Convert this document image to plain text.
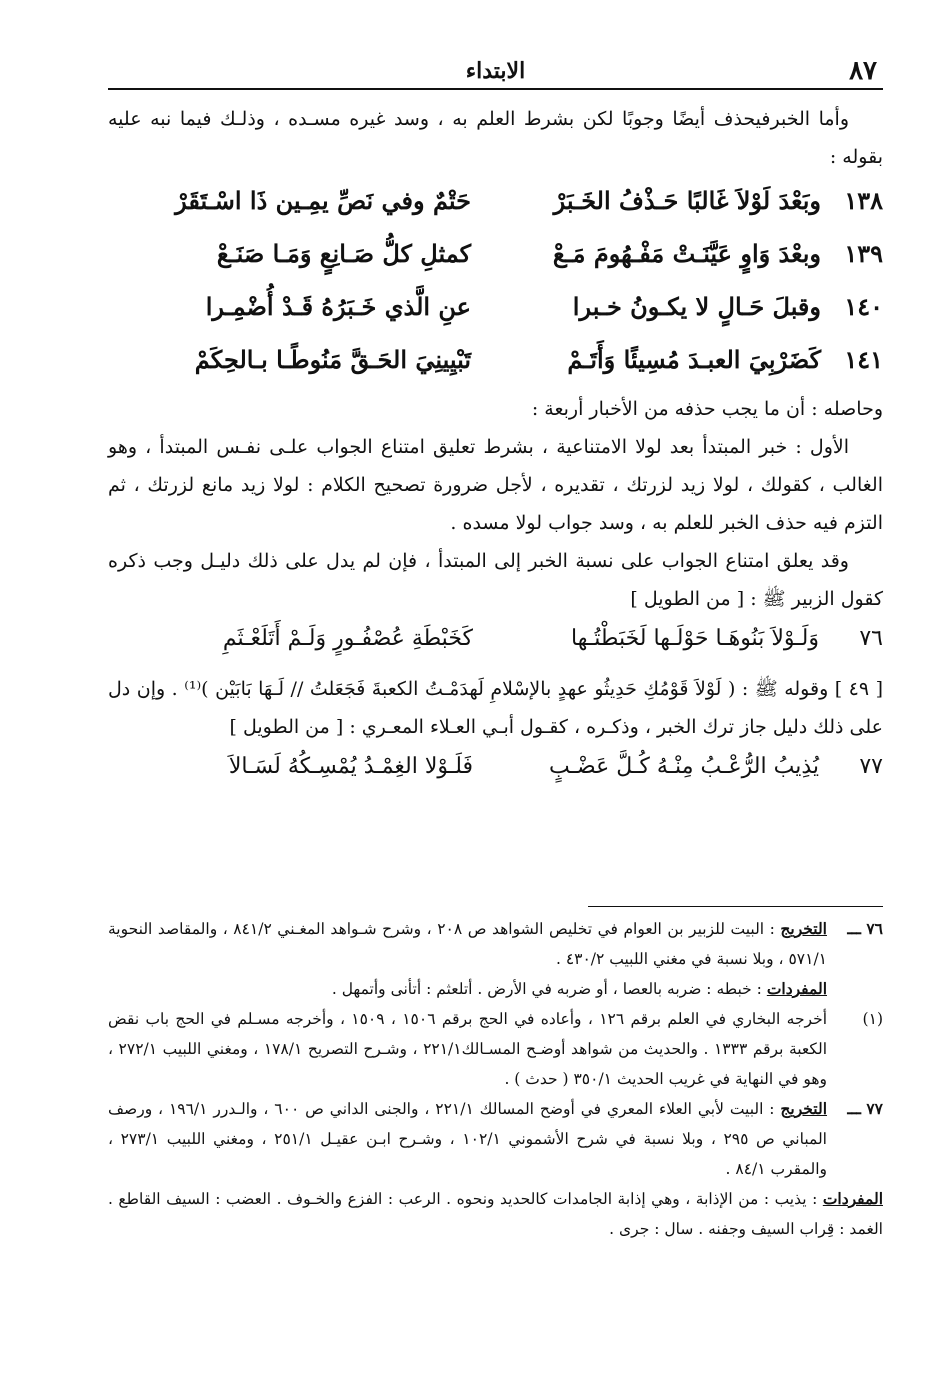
٨٧
الابتداء
وأما الخبرفيحذف أيضًا وجوبًا لكن بشرط العلم به ، وسد غيره مسـده ، وذلـك فيما نبه عليه بقوله :
١٣٨
وبَعْدَ لَوْلاَ غَالبًا حَـذْفُ الخَـبَرْ
حَتْمٌ وفي نَصِّ يمِـين ذَا اسْـتَقَرْ
١٣٩
وبعْدَ وَاوٍ عَيَّنَـتْ مَفْـهُومَ مَـعْ
كمثلِ كلُّ صَـانِعٍ وَمَـا صَنَـعْ
١٤٠
وقبلَ حَـالٍ لا يكـونُ خـبرا
عنِ الَّذي خَـبَرُهُ قَـدْ أُضْمِـرا
١٤١
كَضَرْبِيَ العبـدَ مُسِيئًا وَأَتَـمْ
تَبْيِينِيَ الحَـقَّ مَنُوطًـا بـالحِكَمْ
وحاصله : أن ما يجب حذفه من الأخبار أربعة :
الأول : خبر المبتدأ بعد لولا الامتناعية ، بشرط تعليق امتناع الجواب علـى نفـس المبتدأ ، وهو الغالب ، كقولك ، لولا زيد لزرتك ، تقديره ، لأجل ضرورة تصحيح الكلام : لولا زيد مانع لزرتك ، ثم التزم فيه حذف الخبر للعلم به ، وسد جواب لولا مسده .
وقد يعلق امتناع الجواب على نسبة الخبر إلى المبتدأ ، فإن لم يدل على ذلك دليـل وجب ذكره كقول الزبير ﷺ : [ من الطويل ]
٧٦
وَلَـوْلاَ بَنُوهَـا حَوْلَـها لَخَبَطْتُـها
كَخَبْطَةِ عُصْفُـورٍ وَلَـمْ أَتَلَعْـثَمِ
[ ٤٩ ] وقوله ﷺ : ( لَوْلاَ قَوْمُكِ حَدِيثُو عهدٍ بالإسْلامِ لَهدَمْـتُ الكعبةَ فَجَعَلتُ // لَـهَا بَابَيْن )⁽¹⁾ . وإن دل على ذلك دليل جاز ترك الخبر ، وذكـره ، كقـول أبـي العـلاء المعـري : [ من الطويل ]
٧٧
يُذِيبُ الرُّعْـبُ مِنْـهُ كُـلَّ عَضْـبٍ
فَلَـوْلا الغِمْـدُ يُمْسِـكُهُ لَسَـالاَ
٧٦ ـــ
التخريج : البيت للزبير بن العوام في تخليص الشواهد ص ٢٠٨ ، وشرح شـواهد المغـني ٨٤١/٢ ، والمقاصد النحوية ٥٧١/١ ، وبلا نسبة في مغني اللبيب ٤٣٠/٢ .
المفردات : خبطه : ضربه بالعصا ، أو ضربه في الأرض . أتلعثم : أتأنى وأتمهل .
(١)
أخرجه البخاري في العلم برقم ١٢٦ ، وأعاده في الحج برقم ١٥٠٦ ، ١٥٠٩ ، وأخرجه مسـلم في الحج باب نقض الكعبة برقم ١٣٣٣ . والحديث من شواهد أوضـح المسـالك٢٢١/١ ، وشـرح التصريح ١٧٨/١ ، ومغني اللبيب ٢٧٢/١ ، وهو في النهاية في غريب الحديث ٣٥٠/١ ( حدث ) .
٧٧ ـــ
التخريج : البيت لأبي العلاء المعري في أوضح المسالك ٢٢١/١ ، والجنى الداني ص ٦٠٠ ، والـدرر ١٩٦/١ ، ورصف المباني ص ٢٩٥ ، وبلا نسبة في شرح الأشموني ١٠٢/١ ، وشـرح ابـن عقيـل ٢٥١/١ ، ومغني اللبيب ٢٧٣/١ ، والمقرب ٨٤/١ .
المفردات : يذيب : من الإذابة ، وهي إذابة الجامدات كالحديد ونحوه . الرعب : الفزع والخـوف . العضب : السيف القاطع . الغمد : قِراب السيف وجفنه . سال : جرى .
